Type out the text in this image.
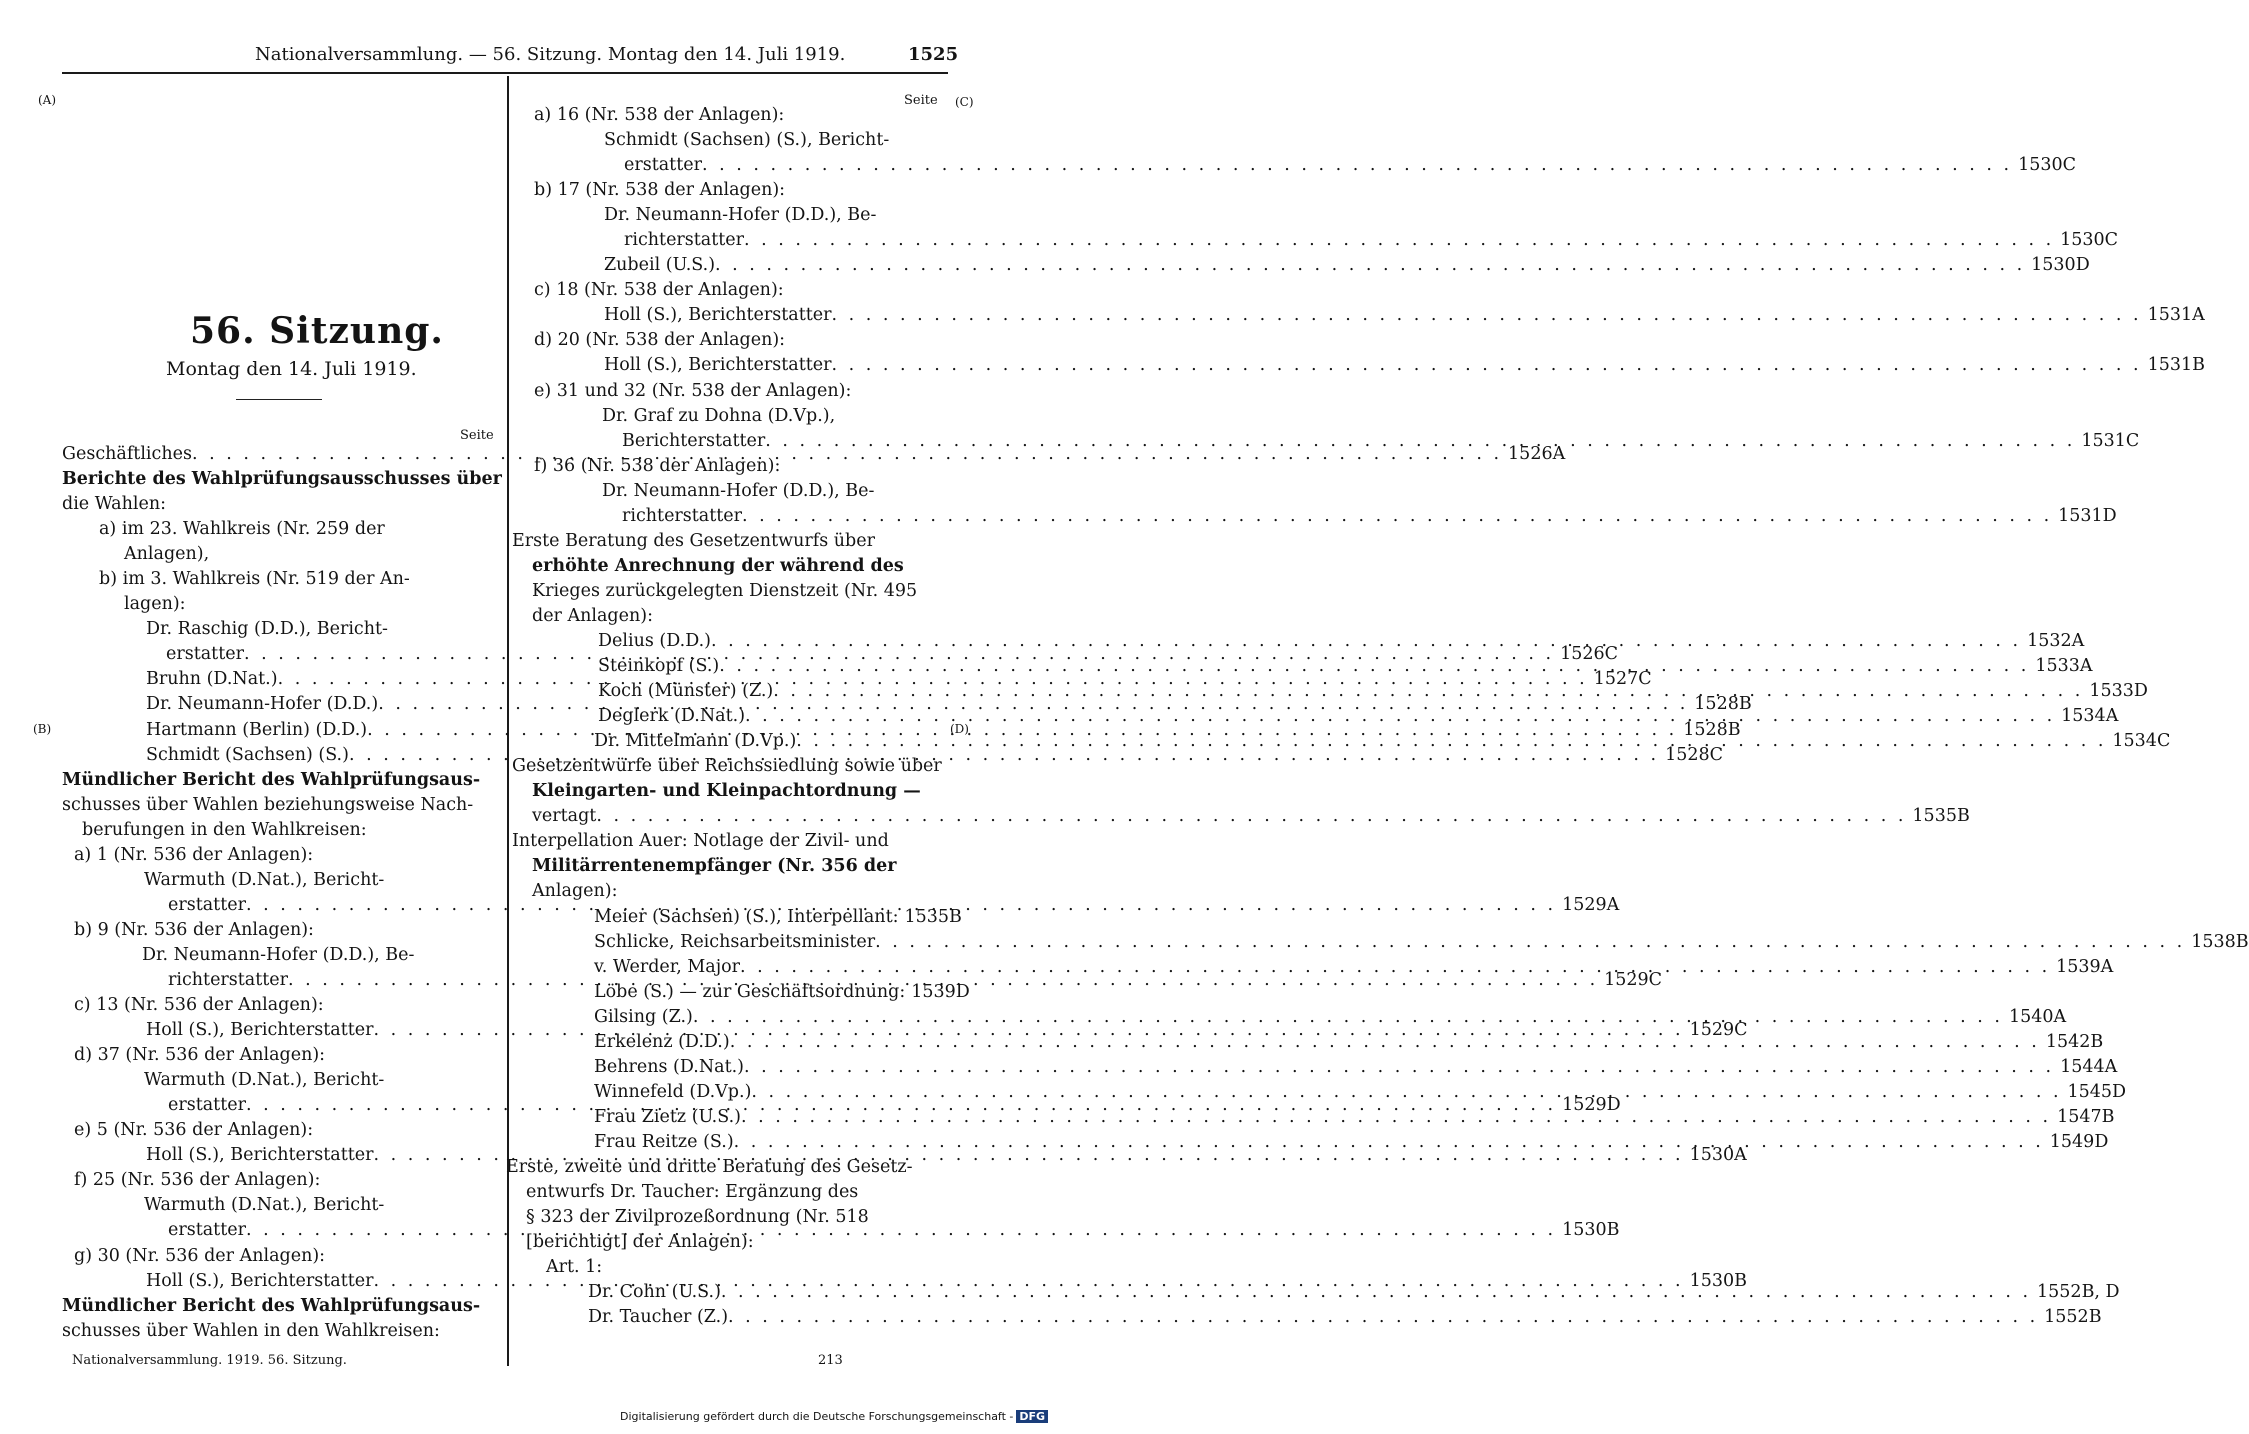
Nationalversammlung. — 56. Sitzung. Montag den 14. Juli 1919.	1525
(A)
(B)
(C)
(D)
56. Sitzung.
Montag den 14. Juli 1919.
Seite
Seite
Geschäftliches . . .	1526A
Berichte des Wahlprüfungsausschusses über
die Wahlen:
a) im 23. Wahlkreis (Nr. 259 der
Anlagen),
b) im 3. Wahlkreis (Nr. 519 der An-
lagen):
Dr. Raschig (D.D.), Bericht-
erstatter . . .	1526C
Bruhn (D.Nat.) . . .	1527C
Dr. Neumann-Hofer (D.D.) . . .	1528B
Hartmann (Berlin) (D.D.) . . .	1528B
Schmidt (Sachsen) (S.) . . .	1528C
Mündlicher Bericht des Wahlprüfungsaus-
schusses über Wahlen beziehungsweise Nach-
berufungen in den Wahlkreisen:
a) 1 (Nr. 536 der Anlagen):
Warmuth (D.Nat.), Bericht-
erstatter . . .	1529A
b) 9 (Nr. 536 der Anlagen):
Dr. Neumann-Hofer (D.D.), Be-
richterstatter . . .	1529C
c) 13 (Nr. 536 der Anlagen):
Holl (S.), Berichterstatter . . .	1529C
d) 37 (Nr. 536 der Anlagen):
Warmuth (D.Nat.), Bericht-
erstatter . . .	1529D
e) 5 (Nr. 536 der Anlagen):
Holl (S.), Berichterstatter . . .	1530A
f) 25 (Nr. 536 der Anlagen):
Warmuth (D.Nat.), Bericht-
erstatter . . .	1530B
g) 30 (Nr. 536 der Anlagen):
Holl (S.), Berichterstatter . . .	1530B
Mündlicher Bericht des Wahlprüfungsaus-
schusses über Wahlen in den Wahlkreisen:
a) 16 (Nr. 538 der Anlagen):
Schmidt (Sachsen) (S.), Bericht-
erstatter . . .	1530C
b) 17 (Nr. 538 der Anlagen):
Dr. Neumann-Hofer (D.D.), Be-
richterstatter . . .	1530C
Zubeil (U.S.) . . .	1530D
c) 18 (Nr. 538 der Anlagen):
Holl (S.), Berichterstatter . . .	1531A
d) 20 (Nr. 538 der Anlagen):
Holl (S.), Berichterstatter . . .	1531B
e) 31 und 32 (Nr. 538 der Anlagen):
Dr. Graf zu Dohna (D.Vp.),
Berichterstatter . . .	1531C
f) 36 (Nr. 538 der Anlagen):
Dr. Neumann-Hofer (D.D.), Be-
richterstatter . . .	1531D
Erste Beratung des Gesetzentwurfs über
erhöhte Anrechnung der während des
Krieges zurückgelegten Dienstzeit (Nr. 495
der Anlagen):
Delius (D.D.) . . .	1532A
Steinkopf (S.) . . .	1533A
Koch (Münster) (Z.) . . .	1533D
Deglerk (D.Nat.) . . .	1534A
Dr. Mittelmann (D.Vp.) . . .	1534C
Gesetzentwürfe über Reichssiedlung sowie über
Kleingarten- und Kleinpachtordnung —
vertagt . . .	1535B
Interpellation Auer: Notlage der Zivil- und
Militärrentenempfänger (Nr. 356 der
Anlagen):
Meier (Sachsen) (S.), Interpellant: 1535B
Schlicke, Reichsarbeitsminister . . .	1538B
v. Werder, Major . . .	1539A
Löbe (S.) — zur Geschäftsordnung: 1539D
Gilsing (Z.) . . .	1540A
Erkelenz (D.D.) . . .	1542B
Behrens (D.Nat.) . . .	1544A
Winnefeld (D.Vp.) . . .	1545D
Frau Zietz (U.S.) . . .	1547B
Frau Reitze (S.) . . .	1549D
Erste, zweite und dritte Beratung des Gesetz-
entwurfs Dr. Taucher: Ergänzung des
§ 323 der Zivilprozeßordnung (Nr. 518
[berichtigt] der Anlagen):
Art. 1:
Dr. Cohn (U.S.) . . .	1552B, D
Dr. Taucher (Z.) . . .	1552B
Nationalversammlung. 1919. 56. Sitzung.	213
Digitalisierung gefördert durch die Deutsche Forschungsgemeinschaft - DFG
